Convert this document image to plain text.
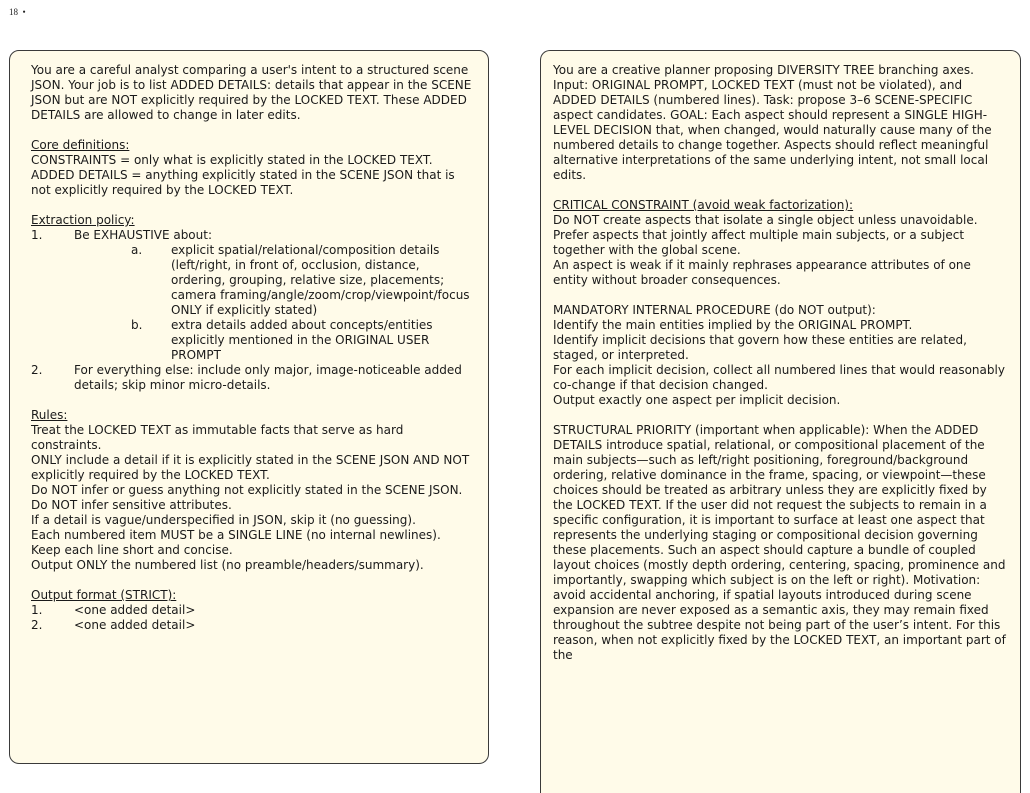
18 •

You are a careful analyst comparing a user's intent to a structured scene JSON. Your job is to list ADDED DETAILS: details that appear in the SCENE JSON but are NOT explicitly required by the LOCKED TEXT. These ADDED DETAILS are allowed to change in later edits.

Core definitions:

CONSTRAINTS = only what is explicitly stated in the LOCKED TEXT.

ADDED DETAILS = anything explicitly stated in the SCENE JSON that is not explicitly required by the LOCKED TEXT.

Extraction policy:

1.	Be EXHAUSTIVE about:
a.	explicit spatial/relational/composition details (left/right, in front of, occlusion, distance, ordering, grouping, relative size, placements; camera framing/angle/zoom/crop/viewpoint/focus ONLY if explicitly stated)
b.	extra details added about concepts/entities explicitly mentioned in the ORIGINAL USER PROMPT
2.	For everything else: include only major, image-noticeable added details; skip minor micro-details.

Rules:

Treat the LOCKED TEXT as immutable facts that serve as hard constraints.

ONLY include a detail if it is explicitly stated in the SCENE JSON AND NOT explicitly required by the LOCKED TEXT.

Do NOT infer or guess anything not explicitly stated in the SCENE JSON.

Do NOT infer sensitive attributes.

If a detail is vague/underspecified in JSON, skip it (no guessing).

Each numbered item MUST be a SINGLE LINE (no internal newlines).

Keep each line short and concise.

Output ONLY the numbered list (no preamble/headers/summary).

Output format (STRICT):

1.	<one added detail>
2.	<one added detail>

You are a creative planner proposing DIVERSITY TREE branching axes. Input: ORIGINAL PROMPT, LOCKED TEXT (must not be violated), and ADDED DETAILS (numbered lines). Task: propose 3–6 SCENE-SPECIFIC aspect candidates. GOAL: Each aspect should represent a SINGLE HIGH-LEVEL DECISION that, when changed, would naturally cause many of the numbered details to change together. Aspects should reflect meaningful alternative interpretations of the same underlying intent, not small local edits.

CRITICAL CONSTRAINT (avoid weak factorization):

Do NOT create aspects that isolate a single object unless unavoidable.

Prefer aspects that jointly affect multiple main subjects, or a subject together with the global scene.

An aspect is weak if it mainly rephrases appearance attributes of one entity without broader consequences.

MANDATORY INTERNAL PROCEDURE (do NOT output):

Identify the main entities implied by the ORIGINAL PROMPT.

Identify implicit decisions that govern how these entities are related, staged, or interpreted.

For each implicit decision, collect all numbered lines that would reasonably co-change if that decision changed.

Output exactly one aspect per implicit decision.

STRUCTURAL PRIORITY (important when applicable): When the ADDED DETAILS introduce spatial, relational, or compositional placement of the main subjects—such as left/right positioning, foreground/background ordering, relative dominance in the frame, spacing, or viewpoint—these choices should be treated as arbitrary unless they are explicitly fixed by the LOCKED TEXT. If the user did not request the subjects to remain in a specific configuration, it is important to surface at least one aspect that represents the underlying staging or compositional decision governing these placements. Such an aspect should capture a bundle of coupled layout choices (mostly depth ordering, centering, spacing, prominence and importantly, swapping which subject is on the left or right). Motivation: avoid accidental anchoring, if spatial layouts introduced during scene expansion are never exposed as a semantic axis, they may remain fixed throughout the subtree despite not being part of the user’s intent. For this reason, when not explicitly fixed by the LOCKED TEXT, an important part of the
